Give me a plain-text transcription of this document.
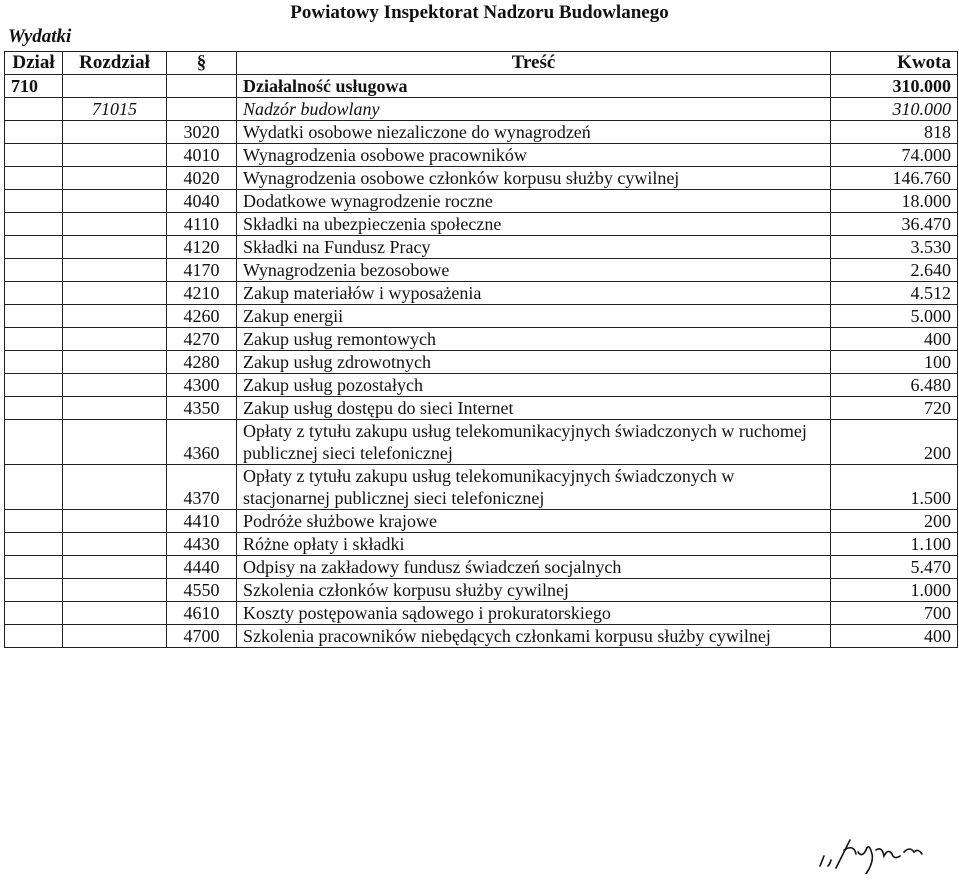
Powiatowy Inspektorat Nadzoru Budowlanego
Wydatki
Dział	Rozdział	§	Treść	Kwota
710			Działalność usługowa	310.000
	71015		Nadzór budowlany	310.000
		3020	Wydatki osobowe niezaliczone do wynagrodzeń	818
		4010	Wynagrodzenia osobowe pracowników	74.000
		4020	Wynagrodzenia osobowe członków korpusu służby cywilnej	146.760
		4040	Dodatkowe wynagrodzenie roczne	18.000
		4110	Składki na ubezpieczenia społeczne	36.470
		4120	Składki na Fundusz Pracy	3.530
		4170	Wynagrodzenia bezosobowe	2.640
		4210	Zakup materiałów i wyposażenia	4.512
		4260	Zakup energii	5.000
		4270	Zakup usług remontowych	400
		4280	Zakup usług zdrowotnych	100
		4300	Zakup usług pozostałych	6.480
		4350	Zakup usług dostępu do sieci Internet	720
		4360	Opłaty z tytułu zakupu usług telekomunikacyjnych świadczonych w ruchomej publicznej sieci telefonicznej	200
		4370	Opłaty z tytułu zakupu usług telekomunikacyjnych świadczonych w stacjonarnej publicznej sieci telefonicznej	1.500
		4410	Podróże służbowe krajowe	200
		4430	Różne opłaty i składki	1.100
		4440	Odpisy na zakładowy fundusz świadczeń socjalnych	5.470
		4550	Szkolenia członków korpusu służby cywilnej	1.000
		4610	Koszty postępowania sądowego i prokuratorskiego	700
		4700	Szkolenia pracowników niebędących członkami korpusu służby cywilnej	400
